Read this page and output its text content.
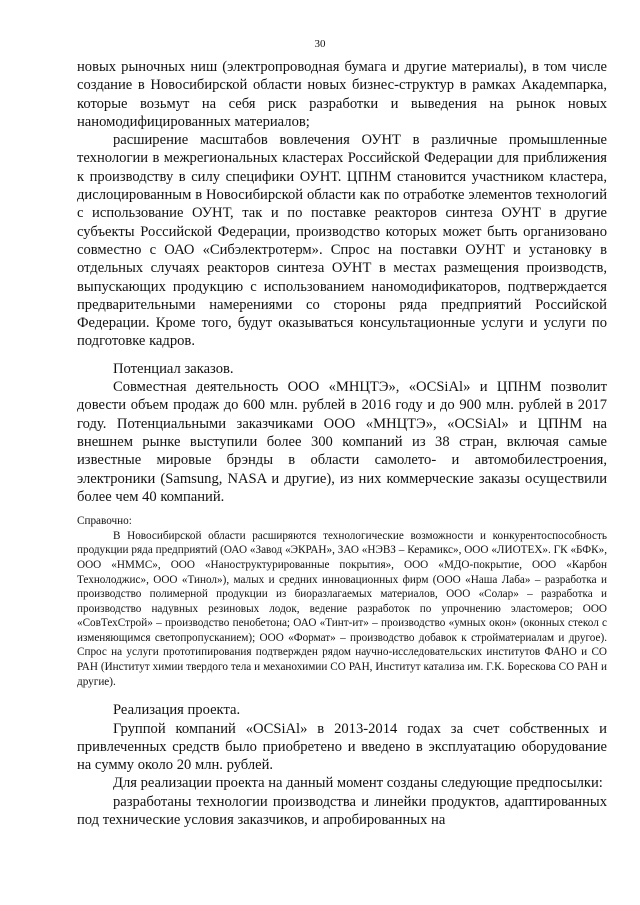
30

новых рыночных ниш (электропроводная бумага и другие материалы), в том числе создание в Новосибирской области новых бизнес-структур в рамках Академпарка, которые возьмут на себя риск разработки и выведения на рынок новых наномодифицированных материалов;

расширение масштабов вовлечения ОУНТ в различные промышленные технологии в межрегиональных кластерах Российской Федерации для приближения к производству в силу специфики ОУНТ. ЦПНМ становится участником кластера, дислоцированным в Новосибирской области как по отработке элементов технологий с использование ОУНТ, так и по поставке реакторов синтеза ОУНТ в другие субъекты Российской Федерации, производство которых может быть организовано совместно с ОАО «Сибэлектротерм». Спрос на поставки ОУНТ и установку в отдельных случаях реакторов синтеза ОУНТ в местах размещения производств, выпускающих продукцию с использованием наномодификаторов, подтверждается предварительными намерениями со стороны ряда предприятий Российской Федерации. Кроме того, будут оказываться консультационные услуги и услуги по подготовке кадров.

Потенциал заказов.

Совместная деятельность ООО «МНЦТЭ», «OCSiAl» и ЦПНМ позволит довести объем продаж до 600 млн. рублей в 2016 году и до 900 млн. рублей в 2017 году. Потенциальными заказчиками ООО «МНЦТЭ», «OCSiAl» и ЦПНМ на внешнем рынке выступили более 300 компаний из 38 стран, включая самые известные мировые брэнды в области самолето- и автомобилестроения, электроники (Samsung, NASA и другие), из них коммерческие заказы осуществили более чем 40 компаний.

Справочно:

В Новосибирской области расширяются технологические возможности и конкурентоспособность продукции ряда предприятий (ОАО «Завод «ЭКРАН», ЗАО «НЭВЗ – Керамикс», ООО «ЛИОТЕХ». ГК «БФК», ООО «НММС», ООО «Наноструктурированные покрытия», ООО «МДО-покрытие, ООО «Карбон Технолоджис», ООО «Тинол»), малых и средних инновационных фирм (ООО «Наша Лаба» – разработка и производство полимерной продукции из биоразлагаемых материалов, ООО «Солар» – разработка и производство надувных резиновых лодок, ведение разработок по упрочнению эластомеров; ООО «СовТехСтрой» – производство пенобетона; ОАО «Тинт-ит» – производство «умных окон» (оконных стекол с изменяющимся светопропусканием); ООО «Формат» – производство добавок к стройматериалам и другое). Спрос на услуги прототипирования подтвержден рядом научно-исследовательских институтов ФАНО и СО РАН (Институт химии твердого тела и механохимии СО РАН, Институт катализа им. Г.К. Борескова СО РАН и другие).

Реализация проекта.

Группой компаний «OCSiAl» в 2013-2014 годах за счет собственных и привлеченных средств было приобретено и введено в эксплуатацию оборудование на сумму около 20 млн. рублей.

Для реализации проекта на данный момент созданы следующие предпосылки:

разработаны технологии производства и линейки продуктов, адаптированных под технические условия заказчиков, и апробированных на
